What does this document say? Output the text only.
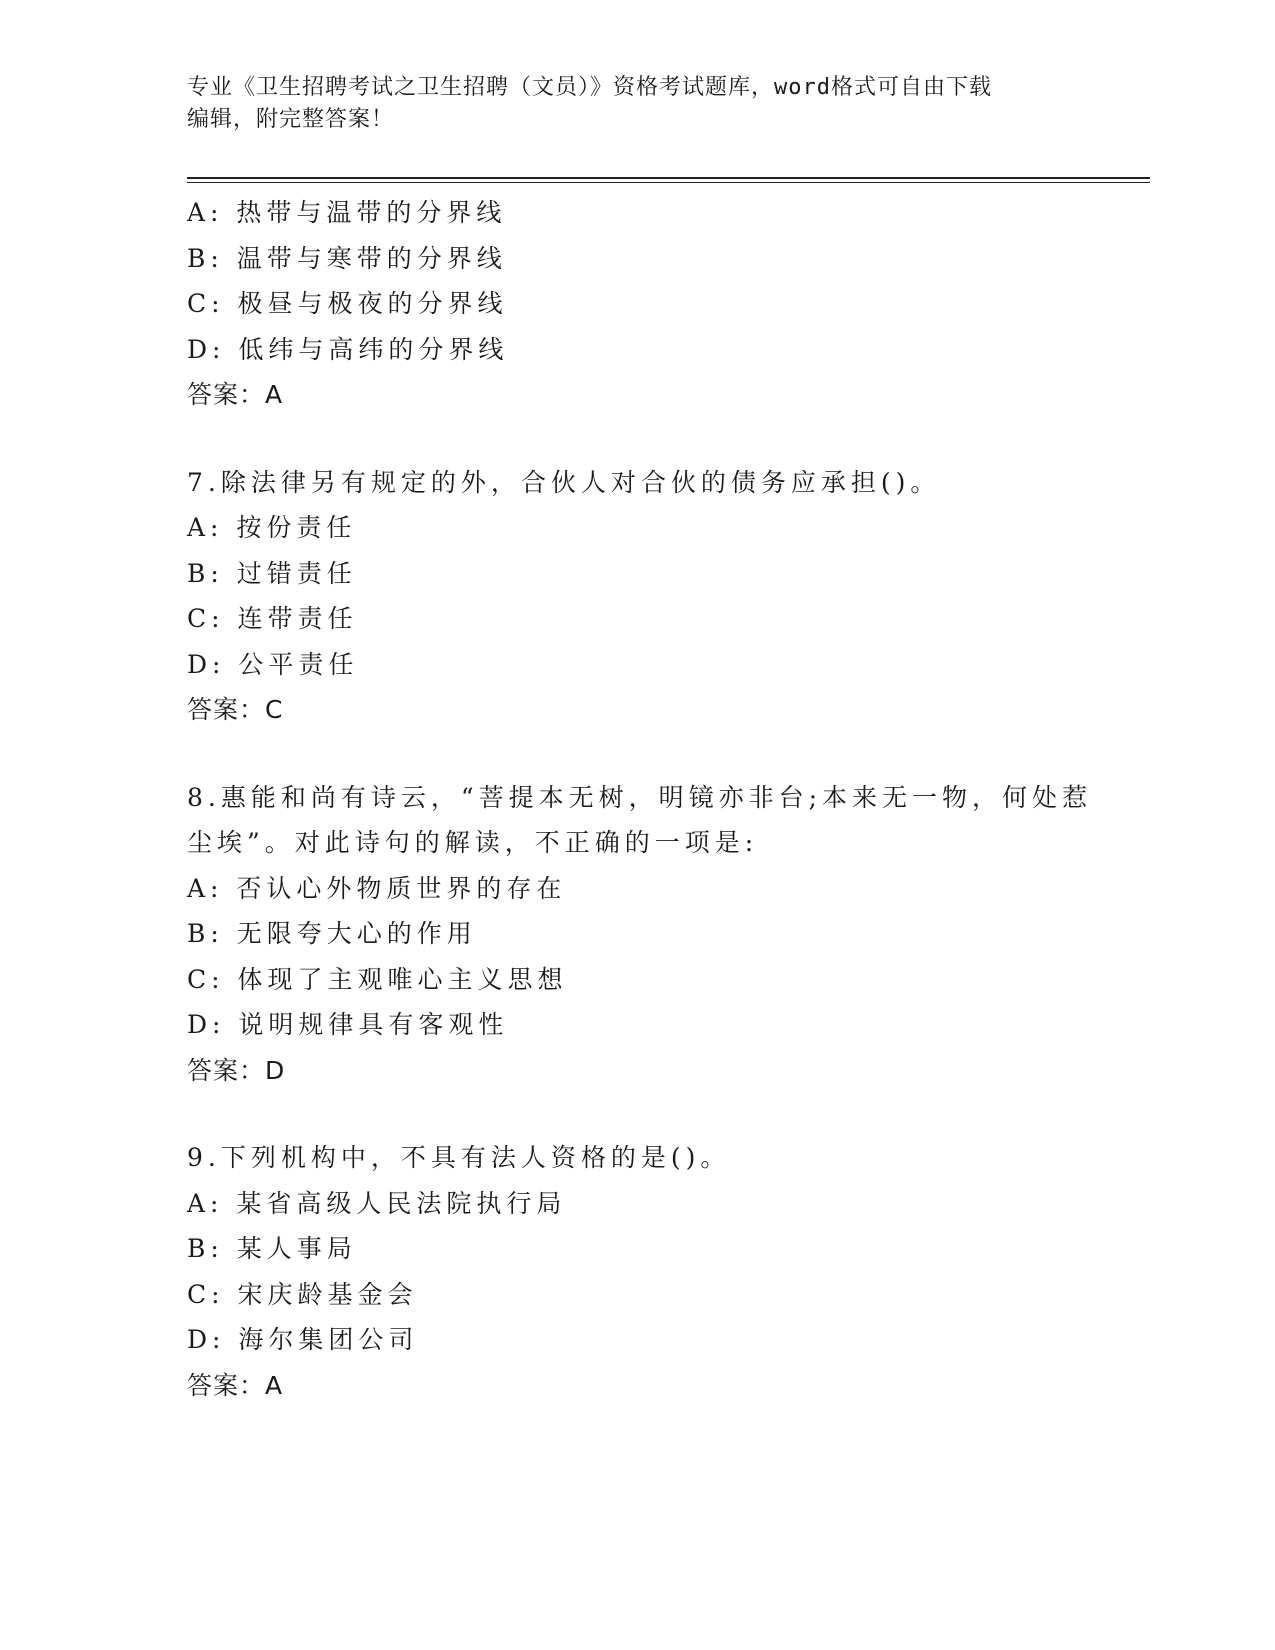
专业《卫生招聘考试之卫生招聘（文员）》资格考试题库，word格式可自由下载
编辑，附完整答案！
A: 热带与温带的分界线
B: 温带与寒带的分界线
C: 极昼与极夜的分界线
D: 低纬与高纬的分界线
答案：A
7.除法律另有规定的外，合伙人对合伙的债务应承担()。
A: 按份责任
B: 过错责任
C: 连带责任
D: 公平责任
答案：C
8.惠能和尚有诗云，“菩提本无树，明镜亦非台;本来无一物，何处惹
尘埃”。对此诗句的解读，不正确的一项是:
A: 否认心外物质世界的存在
B: 无限夸大心的作用
C: 体现了主观唯心主义思想
D: 说明规律具有客观性
答案：D
9.下列机构中，不具有法人资格的是()。
A: 某省高级人民法院执行局
B: 某人事局
C: 宋庆龄基金会
D: 海尔集团公司
答案：A
